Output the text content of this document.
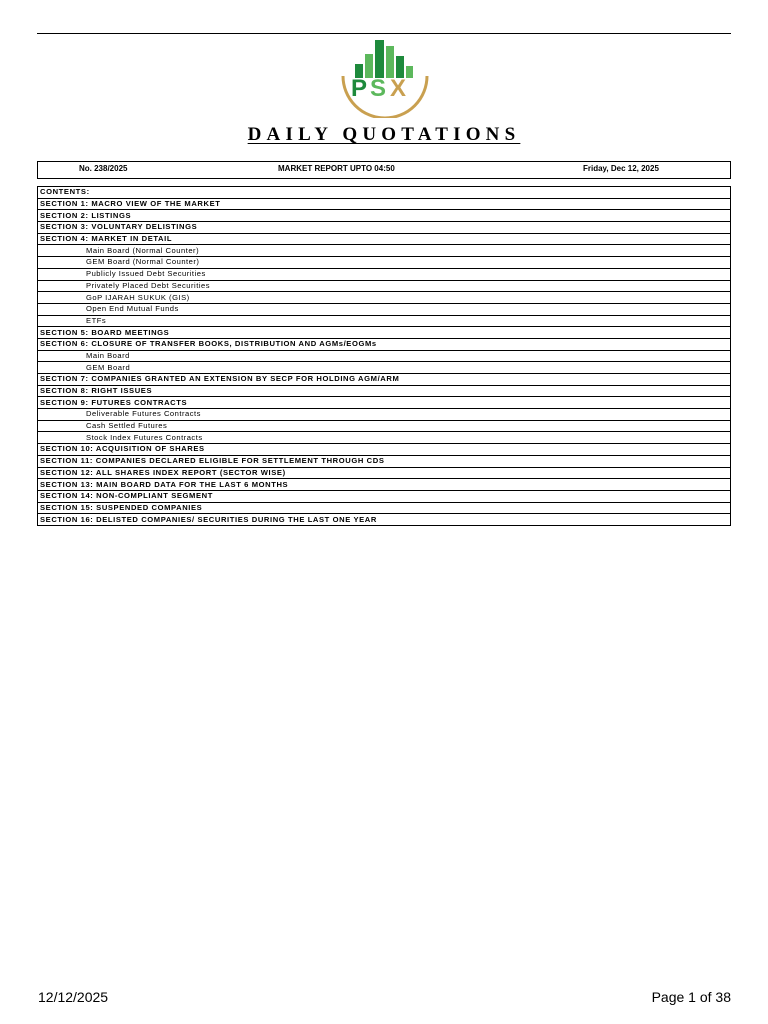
P S X
DAILY QUOTATIONS
No. 238/2025	MARKET REPORT UPTO 04:50	Friday, Dec 12, 2025
CONTENTS:
SECTION 1: MACRO VIEW OF THE MARKET
SECTION 2: LISTINGS
SECTION 3: VOLUNTARY DELISTINGS
SECTION 4: MARKET IN DETAIL
Main Board (Normal Counter)
GEM Board (Normal Counter)
Publicly Issued Debt Securities
Privately Placed Debt Securities
GoP IJARAH SUKUK (GIS)
Open End Mutual Funds
ETFs
SECTION 5: BOARD MEETINGS
SECTION 6: CLOSURE OF TRANSFER BOOKS, DISTRIBUTION AND AGMs/EOGMs
Main Board
GEM Board
SECTION 7: COMPANIES GRANTED AN EXTENSION BY SECP FOR HOLDING AGM/ARM
SECTION 8: RIGHT ISSUES
SECTION 9: FUTURES CONTRACTS
Deliverable Futures Contracts
Cash Settled Futures
Stock Index Futures Contracts
SECTION 10: ACQUISITION OF SHARES
SECTION 11: COMPANIES DECLARED ELIGIBLE FOR SETTLEMENT THROUGH CDS
SECTION 12: ALL SHARES INDEX REPORT (SECTOR WISE)
SECTION 13: MAIN BOARD DATA FOR THE LAST 6 MONTHS
SECTION 14: NON-COMPLIANT SEGMENT
SECTION 15: SUSPENDED COMPANIES
SECTION 16: DELISTED COMPANIES/ SECURITIES DURING THE LAST ONE YEAR
12/12/2025	Page 1 of 38
